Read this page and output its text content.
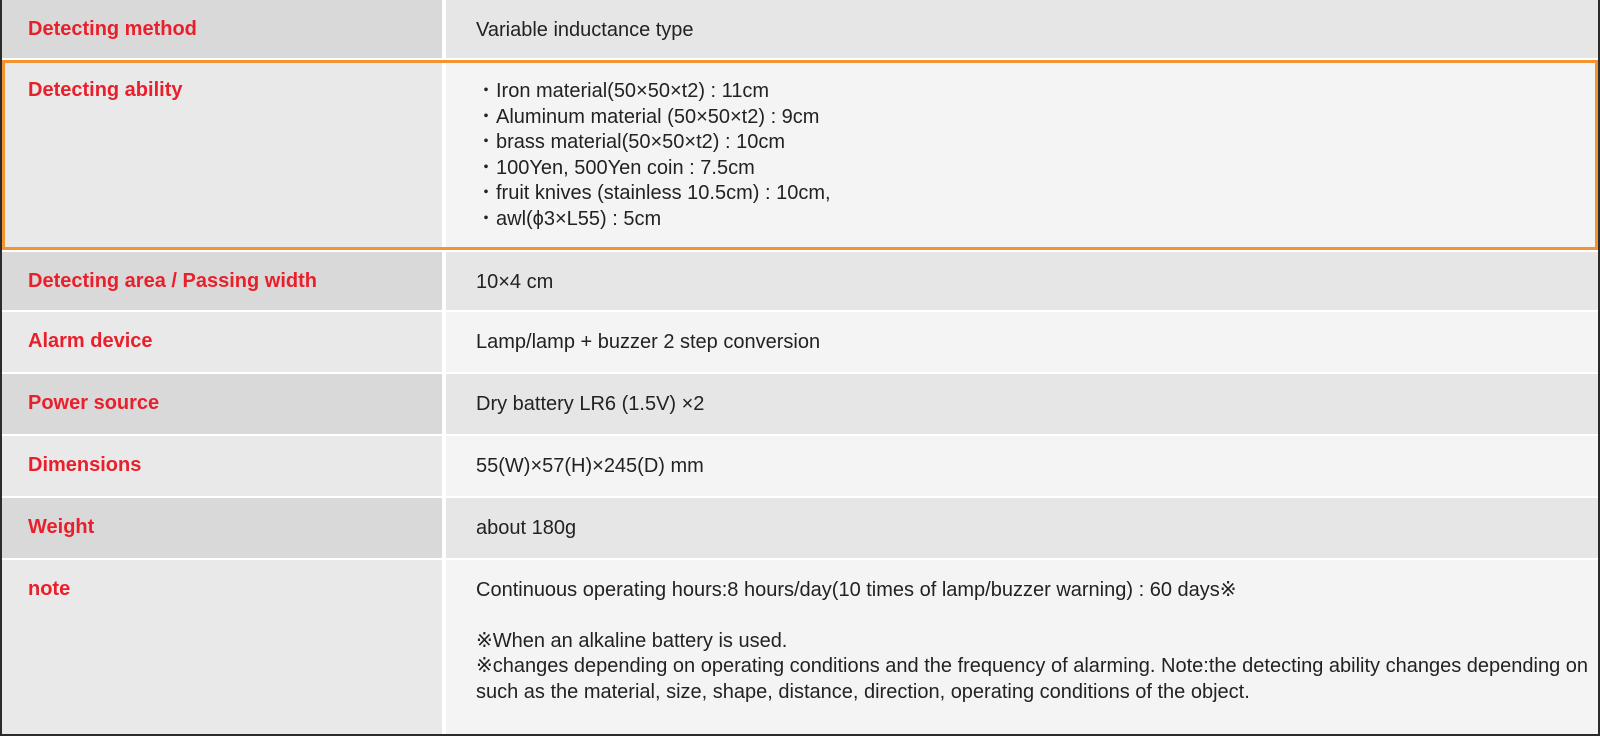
Detecting method	Variable inductance type
Detecting ability
・	Iron material(50×50×t2) : 11cm
・ Aluminum material (50×50×t2) : 9cm
・ brass material(50×50×t2) : 10cm
・ 100Yen, 500Yen coin : 7.5cm
・ fruit knives (stainless 10.5cm) : 10cm,
・ awl(ϕ3×L55) : 5cm
Detecting area / Passing width	10×4 cm
Alarm device	Lamp/lamp + buzzer 2 step conversion
Power source	Dry battery LR6 (1.5V) ×2
Dimensions	55(W)×57(H)×245(D) mm
Weight	about 180g
note	Continuous operating hours:8 hours/day(10 times of lamp/buzzer warning) : 60 days※

※When an alkaline battery is used.
※changes depending on operating conditions and the frequency of alarming. Note:the detecting ability changes depending on such as the material, size, shape, distance, direction, operating conditions of the object.
